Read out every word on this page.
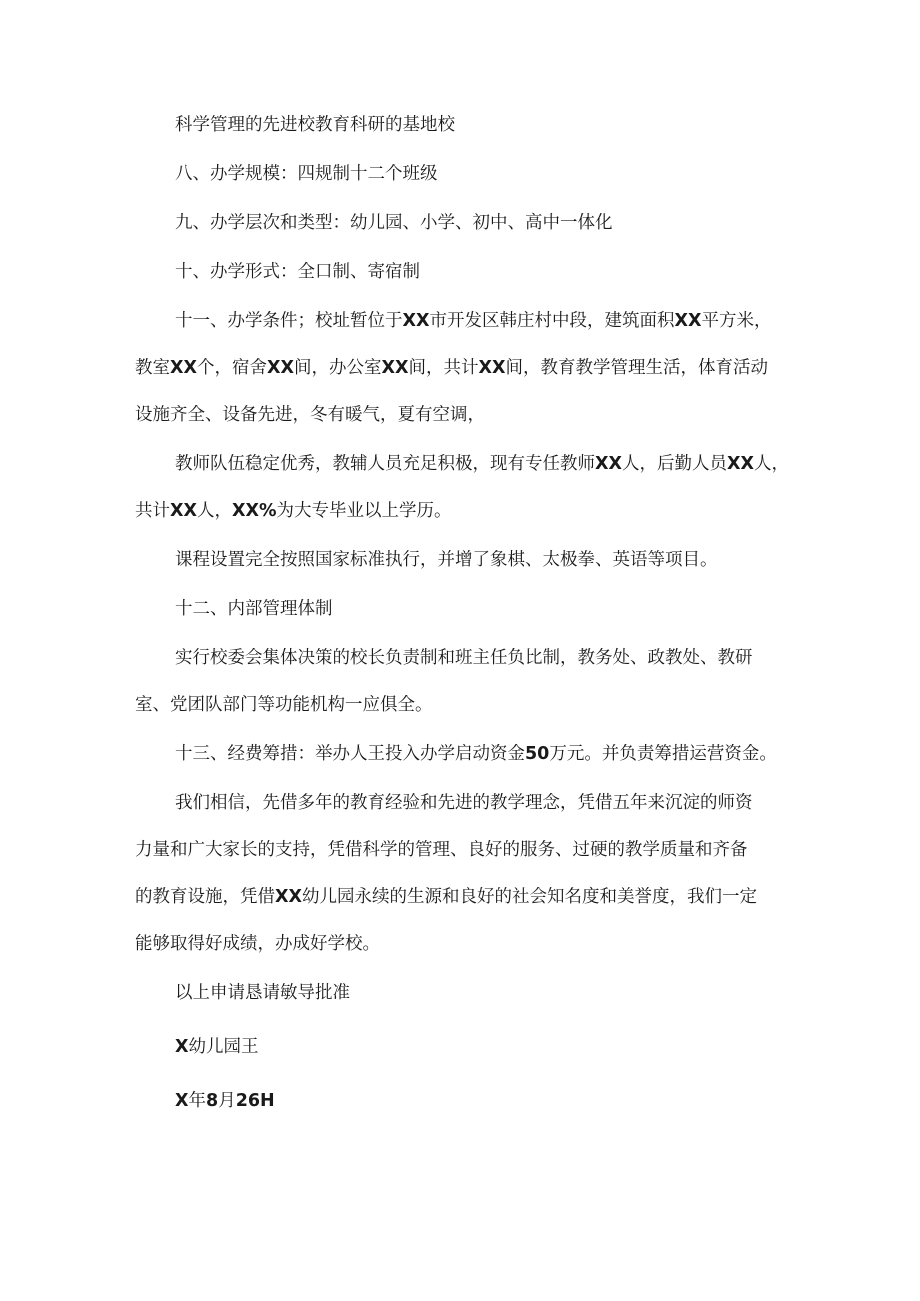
科学管理的先进校教育科研的基地校

八、办学规模：四规制十二个班级

九、办学层次和类型：幼儿园、小学、初中、高中一体化

十、办学形式：全口制、寄宿制

十一、办学条件；校址暂位于XX市开发区韩庄村中段，建筑面积XX平方米，

教室XX个，宿舍XX间，办公室XX间，共计XX间，教育教学管理生活，体育活动

设施齐全、设备先进，冬有暖气，夏有空调，

教师队伍稳定优秀，教辅人员充足积极，现有专任教师XX人，后勤人员XX人，

共计XX人，XX%为大专毕业以上学历。

课程设置完全按照国家标准执行，并增了象棋、太极拳、英语等项目。

十二、内部管理体制

实行校委会集体决策的校长负责制和班主任负比制，教务处、政教处、教研

室、党团队部门等功能机构一应俱全。

十三、经费筹措：举办人王投入办学启动资金50万元。并负责筹措运营资金。

我们相信，先借多年的教育经验和先进的教学理念，凭借五年来沉淀的师资

力量和广大家长的支持，凭借科学的管理、良好的服务、过硬的教学质量和齐备

的教育设施，凭借XX幼儿园永续的生源和良好的社会知名度和美誉度，我们一定

能够取得好成绩，办成好学校。

以上申请恳请敏导批准

X幼儿园王

X年8月26H
